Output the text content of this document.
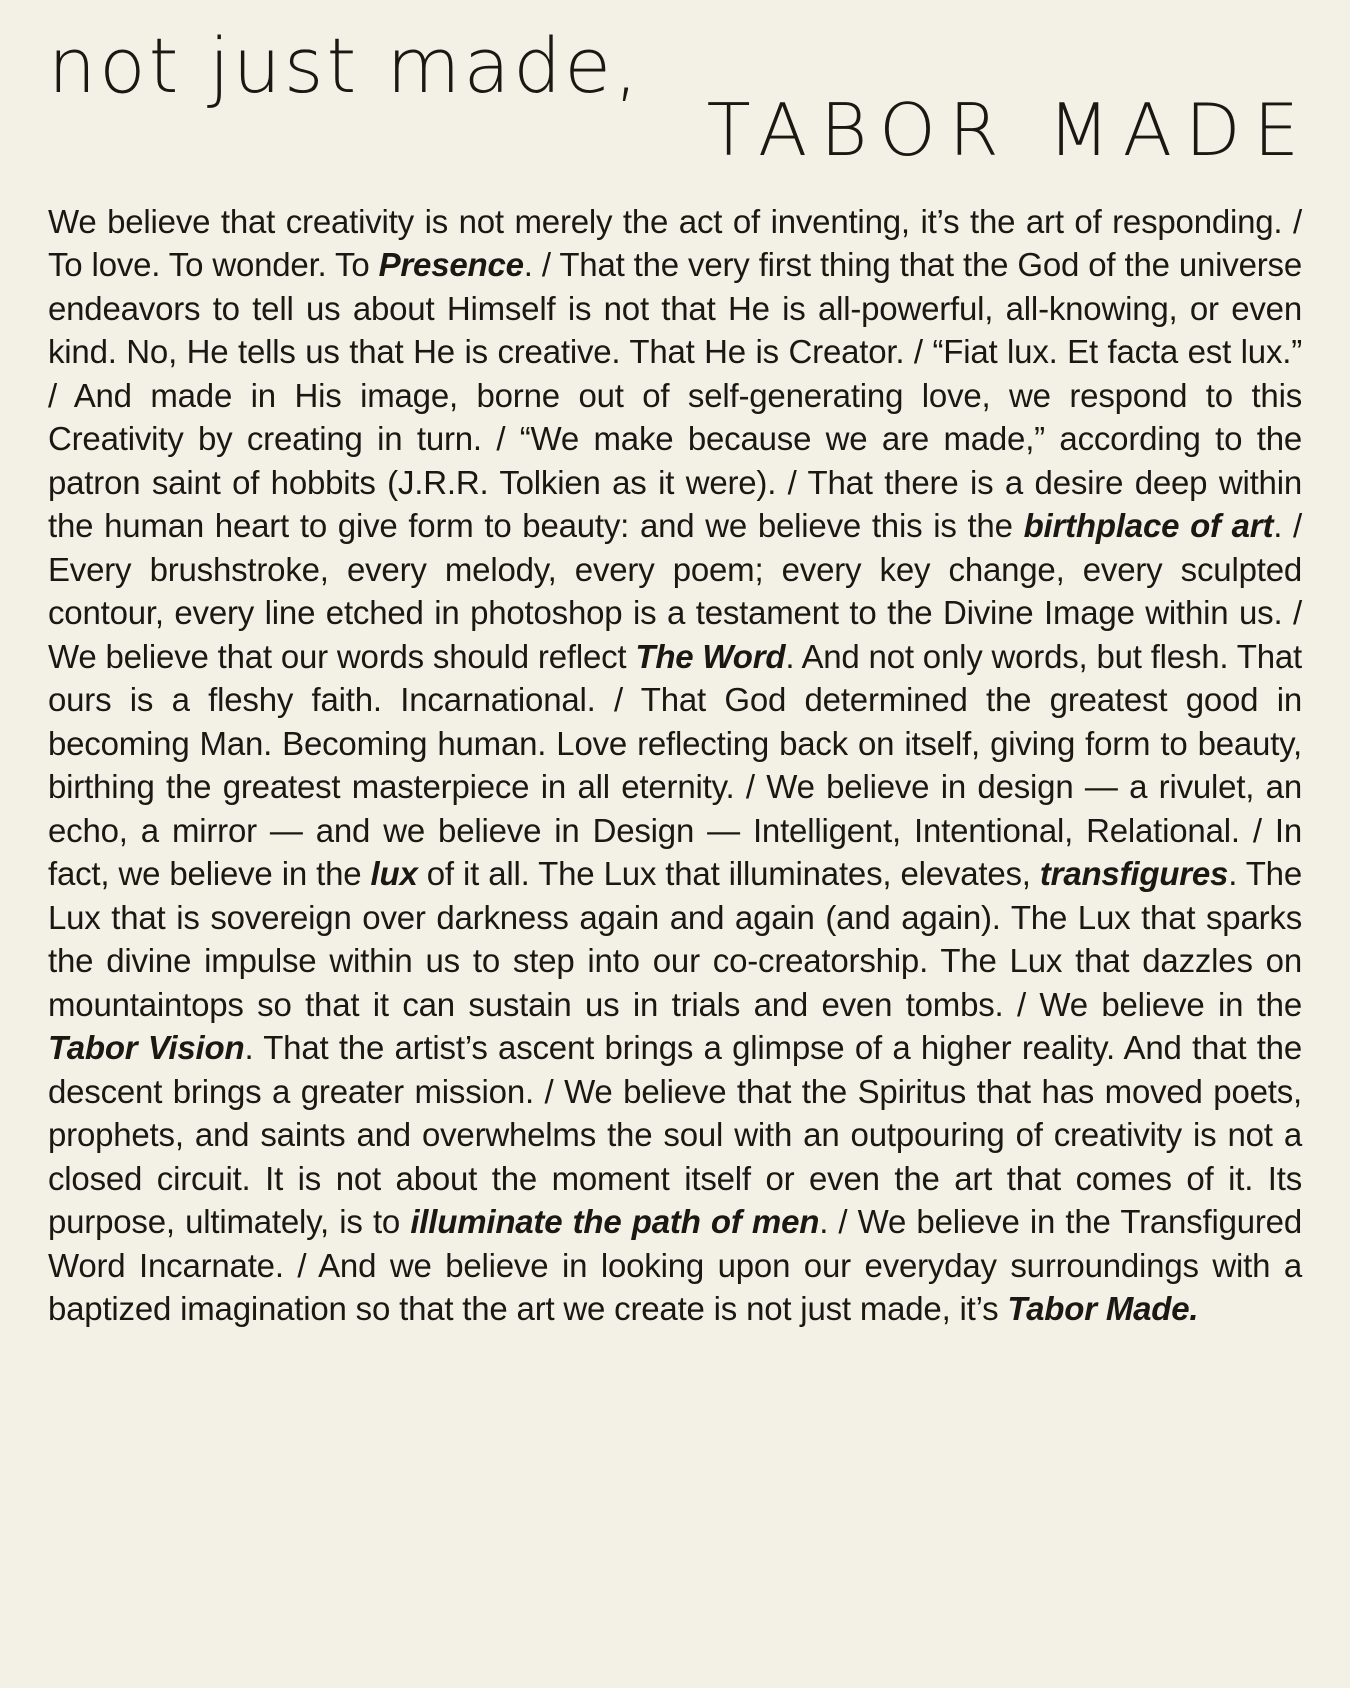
not just made,
TABOR MADE

We believe that creativity is not merely the act of inventing, it’s the art of responding. / To love. To wonder. To Presence. / That the very first thing that the God of the universe endeavors to tell us about Himself is not that He is all-powerful, all-knowing, or even kind. No, He tells us that He is creative. That He is Creator. / “Fiat lux. Et facta est lux.” / And made in His image, borne out of self-generating love, we respond to this Creativity by creating in turn. / “We make because we are made,” according to the patron saint of hobbits (J.R.R. Tolkien as it were). / That there is a desire deep within the human heart to give form to beauty: and we believe this is the birthplace of art. / Every brushstroke, every melody, every poem; every key change, every sculpted contour, every line etched in photoshop is a testament to the Divine Image within us. / We believe that our words should reflect The Word. And not only words, but flesh. That ours is a fleshy faith. Incarnational. / That God determined the greatest good in becoming Man. Becoming human. Love reflecting back on itself, giving form to beauty, birthing the greatest masterpiece in all eternity. / We believe in design — a rivulet, an echo, a mirror — and we believe in Design — Intelligent, Intentional, Relational. / In fact, we believe in the lux of it all. The Lux that illuminates, elevates, transfigures. The Lux that is sovereign over darkness again and again (and again). The Lux that sparks the divine impulse within us to step into our co-creatorship. The Lux that dazzles on mountaintops so that it can sustain us in trials and even tombs. / We believe in the Tabor Vision. That the artist’s ascent brings a glimpse of a higher reality. And that the descent brings a greater mission. / We believe that the Spiritus that has moved poets, prophets, and saints and overwhelms the soul with an outpouring of creativity is not a closed circuit. It is not about the moment itself or even the art that comes of it. Its purpose, ultimately, is to illuminate the path of men. / We believe in the Transfigured Word Incarnate. / And we believe in looking upon our everyday surroundings with a baptized imagination so that the art we create is not just made, it’s Tabor Made.
